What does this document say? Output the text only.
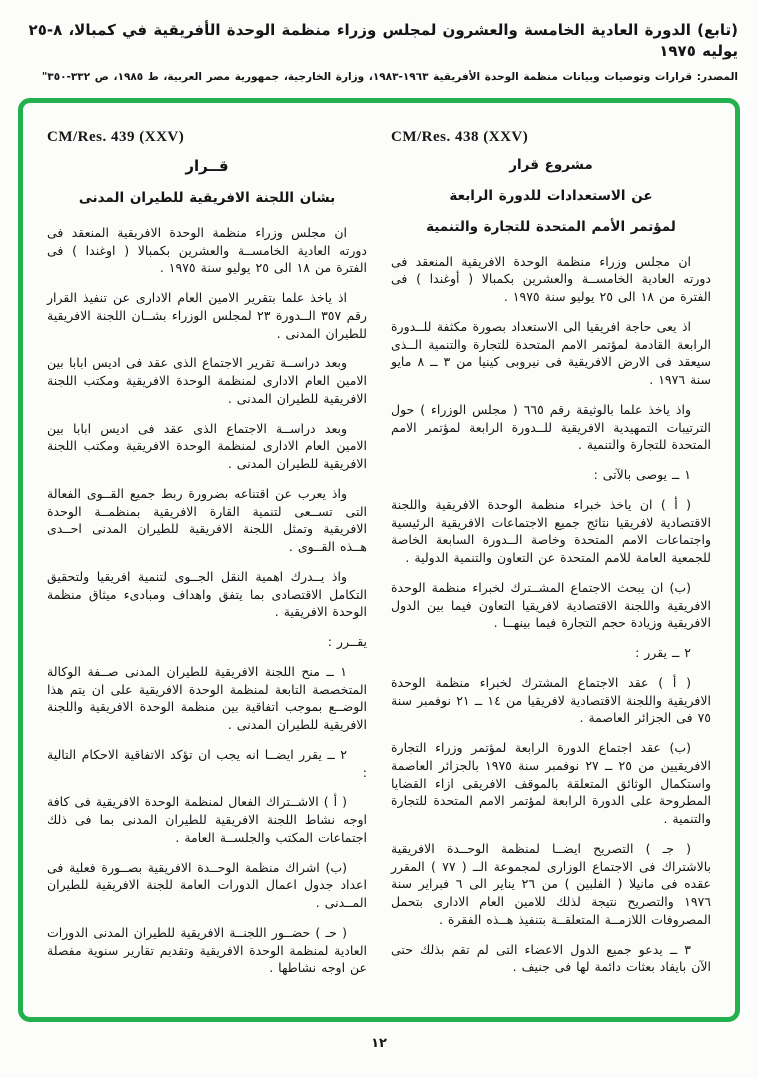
(تابع) الدورة العادية الخامسة والعشرون لمجلس وزراء منظمة الوحدة الأفريقية في كمبالا، ٨-٢٥ يوليه ١٩٧٥
المصدر: قرارات وتوصيات وبيانات منظمة الوحدة الأفريقية ١٩٦٣-١٩٨٣، وزارة الخارجية، جمهورية مصر العربية، ط ١٩٨٥، ص ٣٣٢-٣٥٠"
CM/Res. 438 (XXV)
مشروع قرار
عن الاستعدادات للدورة الرابعة
لمؤتمر الأمم المتحدة للتجارة والتنمية

ان مجلس وزراء منظمة الوحدة الافريقية المنعقد فى دورته العادية الخامســة والعشرين بكمبالا ( أوغندا ) فى الفترة من ١٨ الى ٢٥ يوليو سنة ١٩٧٥ .

اذ يعى حاجة افريقيا الى الاستعداد بصورة مكثفة للــدورة الرابعة القادمة لمؤتمر الامم المتحدة للتجارة والتنمية الــذى سيعقد فى الارض الافريقية فى نيروبى كينيا من ٣ ــ ٨ مايو سنة ١٩٧٦ .

واذ ياخذ علما بالوثيقة رقم ٦٦٥ ( مجلس الوزراء ) حول الترتيبات التمهيدية الافريقية للــدورة الرابعة لمؤتمر الامم المتحدة للتجارة والتنمية .

١ ــ يوصى بالآتى :

( أ ) ان ياخذ خبراء منظمة الوحدة الافريقية واللجنة الاقتصادية لافريقيا نتائج جميع الاجتماعات الافريقية الرئيسية واجتماعات الامم المتحدة وخاصة الــدورة السابعة الخاصة للجمعية العامة للامم المتحدة عن التعاون والتنمية الدولية .

(ب) ان يبحث الاجتماع المشــترك لخبراء منظمة الوحدة الافريقية واللجنة الاقتصادية لافريقيا التعاون فيما بين الدول الافريقية وزيادة حجم التجارة فيما بينهــا .

٢ ــ يقرر :

( أ ) عقد الاجتماع المشترك لخبراء منظمة الوحدة الافريقية واللجنة الاقتصادية لافريقيا من ١٤ ــ ٢١ نوفمبر سنة ٧٥ فى الجزائر العاصمة .

(ب) عقد اجتماع الدورة الرابعة لمؤتمر وزراء التجارة الافريقيين من ٢٥ ــ ٢٧ نوفمبر سنة ١٩٧٥ بالجزائر العاصمة واستكمال الوثائق المتعلقة بالموقف الافريقى ازاء القضايا المطروحة على الدورة الرابعة لمؤتمر الامم المتحدة للتجارة والتنمية .

( جـ ) التصريح ايضــا لمنظمة الوحــدة الافريقية بالاشتراك فى الاجتماع الوزارى لمجموعة الــ ( ٧٧ ) المقرر عقده فى مانيلا ( الفلبين ) من ٢٦ يناير الى ٦ فبراير سنة ١٩٧٦ والتصريح نتيجة لذلك للامين العام الادارى بتحمل المصروفات اللازمــة المتعلقــة بتنفيذ هــذه الفقرة .

٣ ــ يدعو جميع الدول الاعضاء التى لم تقم بذلك حتى الآن بايفاد بعثات دائمة لها فى جنيف .

CM/Res. 439 (XXV)
قــرار
بشان اللجنة الافريقية للطيران المدنى

ان مجلس وزراء منظمة الوحدة الافريقية المنعقد فى دورته العادية الخامســة والعشرين بكمبالا ( اوغندا ) فى الفترة من ١٨ الى ٢٥ يوليو سنة ١٩٧٥ .

اذ ياخذ علما بتقرير الامين العام الادارى عن تنفيذ القرار رقم ٣٥٧ الــدورة ٢٣ لمجلس الوزراء بشــان اللجنة الافريقية للطيران المدنى .

وبعد دراســة تقرير الاجتماع الذى عقد فى اديس ابابا بين الامين العام الادارى لمنظمة الوحدة الافريقية ومكتب اللجنة الافريقية للطيران المدنى .

وبعد دراســة الاجتماع الذى عقد فى اديس ابابا بين الامين العام الادارى لمنظمة الوحدة الافريقية ومكتب اللجنة الافريقية للطيران المدنى .

واذ يعرب عن اقتناعه بضرورة ربط جميع القــوى الفعالة التى تســعى لتنمية القارة الافريقية بمنظمــة الوحدة الافريقية وتمثل اللجنة الافريقية للطيران المدنى احــدى هــذه القــوى .

واذ يــدرك اهمية النقل الجــوى لتنمية افريقيا ولتحقيق التكامل الاقتصادى بما يتفق واهداف ومبادىء ميثاق منظمة الوحدة الافريقية .

يقــرر :

١ ــ منح اللجنة الافريقية للطيران المدنى صــفة الوكالة المتخصصة التابعة لمنظمة الوحدة الافريقية على ان يتم هذا الوضــع بموجب اتفاقية بين منظمة الوحدة الافريقية واللجنة الافريقية للطيران المدنى .

٢ ــ يقرر ايضــا انه يجب ان تؤكد الاتفاقية الاحكام التالية :

( أ ) الاشــتراك الفعال لمنظمة الوحدة الافريقية فى كافة اوجه نشاط اللجنة الافريقية للطيران المدنى بما فى ذلك اجتماعات المكتب والجلســة العامة .

(ب) اشراك منظمة الوحــدة الافريقية بصــورة فعلية فى اعداد جدول اعمال الدورات العامة للجنة الافريقية للطيران المــدنى .

( حـ ) حضــور اللجنــة الافريقية للطيران المدنى الدورات العادية لمنظمة الوحدة الافريقية وتقديم تقارير سنوية مفصلة عن اوجه نشاطها .

١٢
